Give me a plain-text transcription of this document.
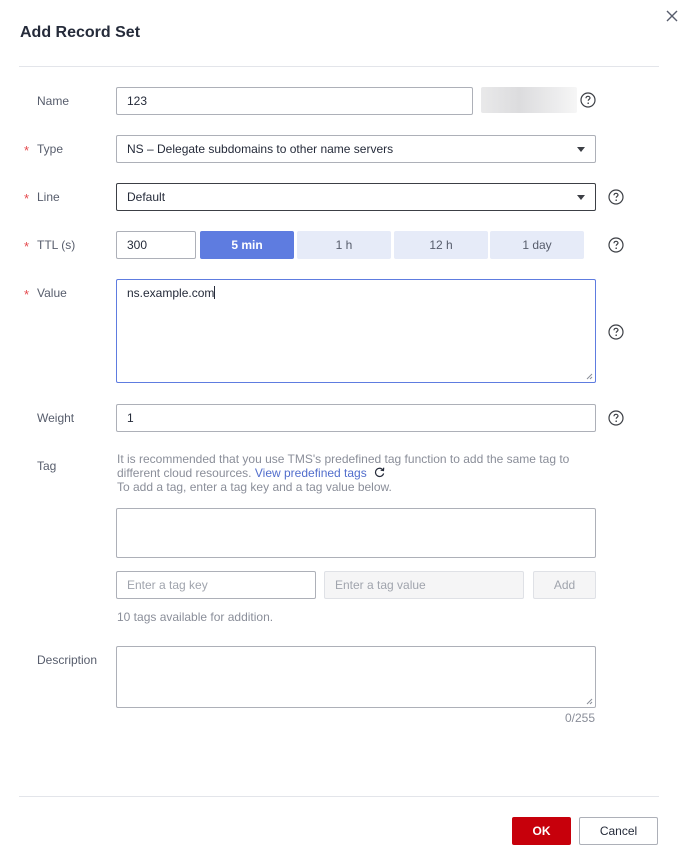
Add Record Set
Name	123
* Type	NS – Delegate subdomains to other name servers
* Line	Default
* TTL (s)	300	5 min	1 h	12 h	1 day
* Value	ns.example.com
Weight	1
Tag	It is recommended that you use TMS's predefined tag function to add the same tag to different cloud resources. View predefined tags
To add a tag, enter a tag key and a tag value below.
Enter a tag key	Enter a tag value	Add
10 tags available for addition.
Description
0/255
OK	Cancel
